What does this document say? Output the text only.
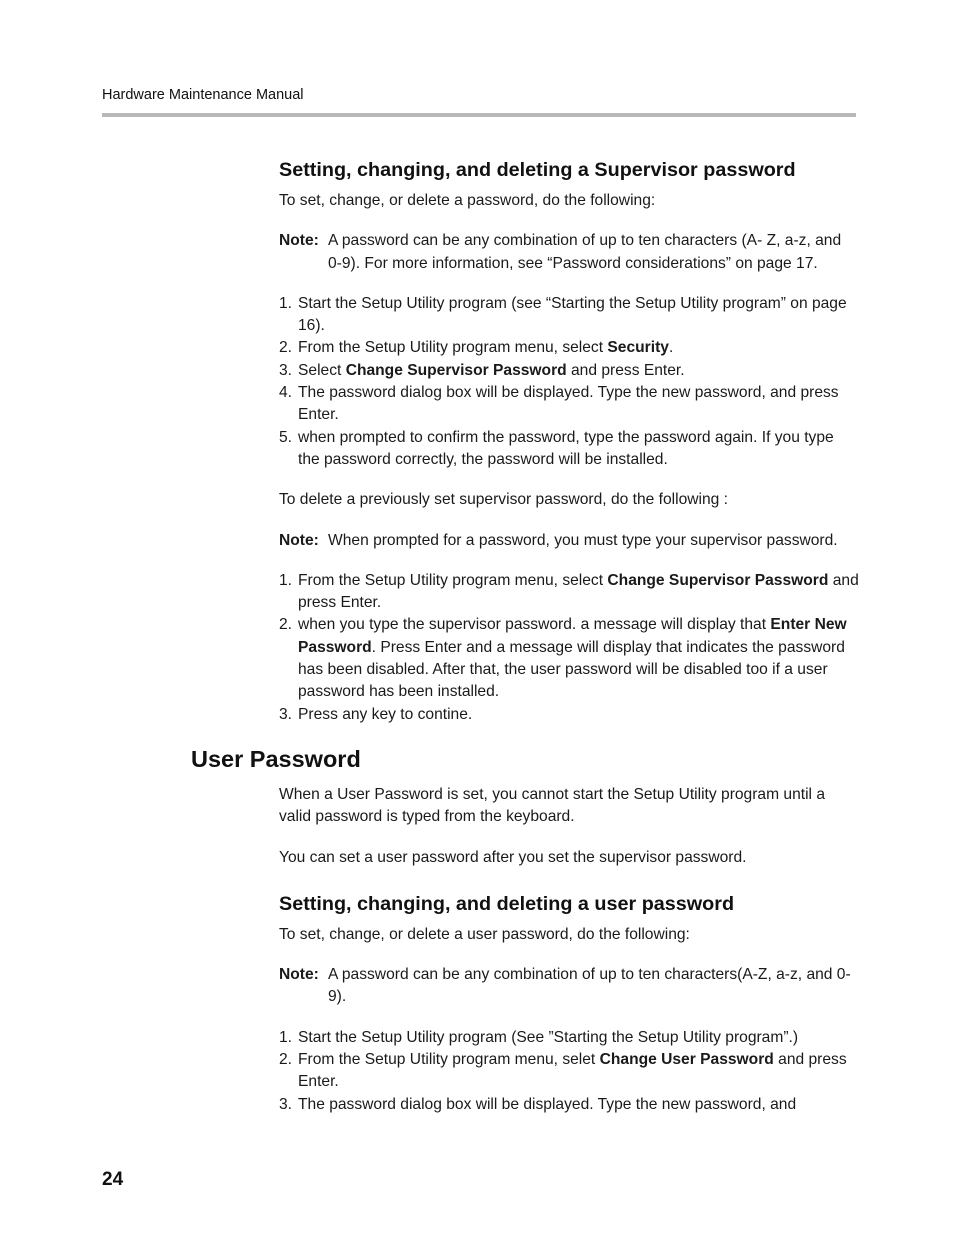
Hardware Maintenance Manual
Setting, changing, and deleting a Supervisor password

To set, change, or delete a password, do the following:

Note: A password can be any combination of up to ten characters (A- Z, a-z, and 0-9). For more information, see “Password considerations” on page 17.
1. Start the Setup Utility program (see “Starting the Setup Utility program” on page 16).
2. From the Setup Utility program menu, select Security.
3. Select Change Supervisor Password and press Enter.
4. The password dialog box will be displayed. Type the new password, and press Enter.
5. when prompted to confirm the password, type the password again. If you type the password correctly, the password will be installed.

To delete a previously set supervisor password, do the following :

Note: When prompted for a password, you must type your supervisor password.
1. From the Setup Utility program menu, select Change Supervisor Password and press Enter.
2. when you type the supervisor password. a message will display that Enter New Password. Press Enter and a message will display that indicates the password has been disabled. After that, the user password will be disabled too if a user password has been installed.
3. Press any key to contine.
User Password

When a User Password is set, you cannot start the Setup Utility program until a valid password is typed from the keyboard.

You can set a user password after you set the supervisor password.

Setting, changing, and deleting a user password

To set, change, or delete a user password, do the following:

Note: A password can be any combination of up to ten characters(A-Z, a-z, and 0-9).
1. Start the Setup Utility program (See ”Starting the Setup Utility program”.)
2. From the Setup Utility program menu, selet Change User Password and press Enter.
3. The password dialog box will be displayed. Type the new password, and
24
